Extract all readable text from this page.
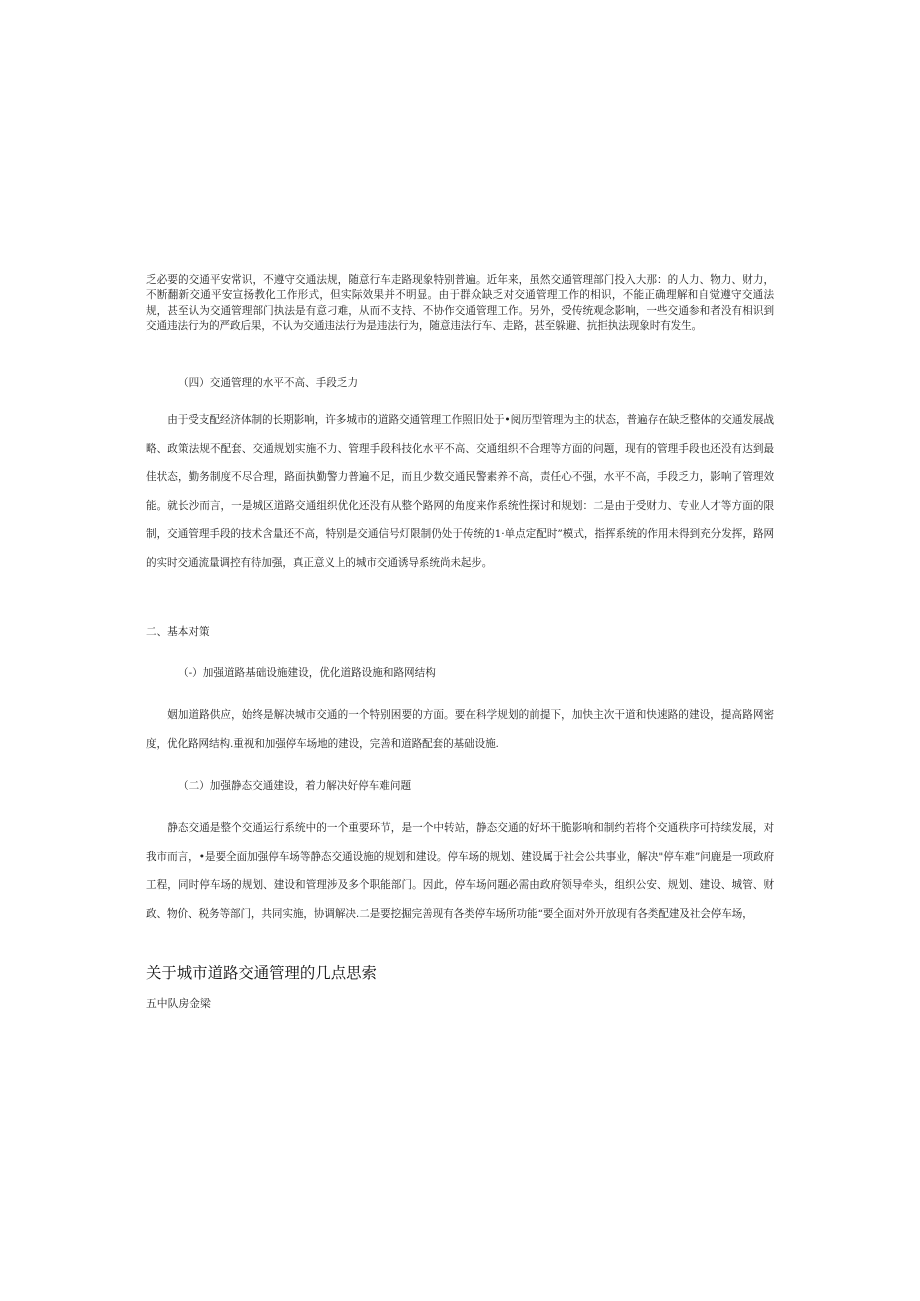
乏必要的交通平安常识，不遵守交通法规，随意行车走路现象特别普遍。近年来，虽然交通管理部门投入大那：的人力、物力、财力，不断翻新交通平安宣扬教化工作形式，但实际效果并不明显。由于群众缺乏对交通管理工作的相识，不能正确理解和自觉遵守交通法规，甚至认为交通管理部门执法是有意刁难，从而不支持、不协作交通管理工作。另外，受传统观念影响，一些交通参和者没有相识到交通违法行为的严政后果，不认为交通违法行为是违法行为，随意违法行车、走路，甚至躲避、抗拒执法现象时有发生。

（四）交通管理的水平不高、手段乏力

由于受支配经济体制的长期影响，许多城市的道路交通管理工作照旧处于•阅历型管理为主的状态，普遍存在缺乏整体的交通发展战略、政策法规不配套、交通规划实施不力、管理手段科技化水平不高、交通组织不合理等方面的问题，现有的管理手段也还没有达到最佳状态，勤务制度不尽合理，路面执勤警力普遍不足，而且少数交通民警素养不高，责任心不强，水平不高，手段乏力，影响了管理效能。就长沙而言，一是城区道路交通组织优化还没有从整个路网的角度来作系统性探讨和规划：二是由于受财力、专业人才等方面的限制，交通管理手段的技术含量还不高，特别是交通信号灯限制仍处于传统的1·单点定配时”模式，指挥系统的作用未得到充分发挥，路网的实时交通流量调控有待加强，真正意义上的城市交通诱导系统尚未起步。

二、基本对策
（-）加强道路基础设施建设，优化道路设施和路网结构

姻加道路供应，始终是解决城市交通的一个特别困要的方面。要在科学规划的前提下，加快主次干道和快速路的建设，提高路网密度，优化路网结构.重视和加强停车场地的建设，完善和道路配套的基础设施.

（二）加强静态交通建设，着力解决好停车难问题

静态交通是整个交通运行系统中的一个重要环节，是一个中转站，静态交通的好坏干脆影响和制约若将个交通秩序可持续发展，对我市而言，•是要全面加强停车场等静态交通设施的规划和建设。停车场的规划、建设属于社会公共事业，解决"停车难”问鹿是一项政府工程，同时停车场的规划、建设和管理涉及多个职能部门。因此，停车场问题必需由政府领导牵头，组织公安、规划、建设、城管、财政、物价、税务等部门，共同实施，协调解决.二是要挖掘完善现有各类停车场所功能“要全面对外开放现有各类配建及社会停车场，

关于城市道路交通管理的几点思索
五中队房金梁
